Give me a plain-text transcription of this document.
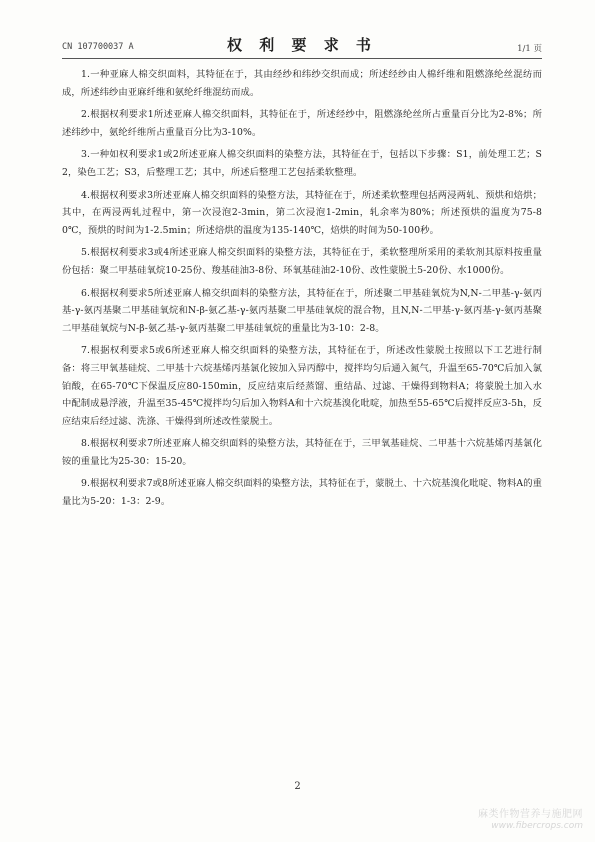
CN 107700037 A	权 利 要 求 书	1/1 页

1.一种亚麻人棉交织面料，其特征在于，其由经纱和纬纱交织而成；所述经纱由人棉纤维和阻燃涤纶丝混纺而成，所述纬纱由亚麻纤维和氨纶纤维混纺而成。

2.根据权利要求1所述亚麻人棉交织面料，其特征在于，所述经纱中，阻燃涤纶丝所占重量百分比为2-8%；所述纬纱中，氨纶纤维所占重量百分比为3-10%。

3.一种如权利要求1或2所述亚麻人棉交织面料的染整方法，其特征在于，包括以下步骤：S1，前处理工艺；S2，染色工艺；S3，后整理工艺；其中，所述后整理工艺包括柔软整理。

4.根据权利要求3所述亚麻人棉交织面料的染整方法，其特征在于，所述柔软整理包括两浸两轧、预烘和焙烘；其中，在两浸两轧过程中，第一次浸泡2-3min，第二次浸泡1-2min，轧余率为80%；所述预烘的温度为75-80℃，预烘的时间为1-2.5min；所述焙烘的温度为135-140℃，焙烘的时间为50-100秒。

5.根据权利要求3或4所述亚麻人棉交织面料的染整方法，其特征在于，柔软整理所采用的柔软剂其原料按重量份包括：聚二甲基硅氧烷10-25份、羧基硅油3-8份、环氧基硅油2-10份、改性蒙脱土5-20份、水1000份。

6.根据权利要求5所述亚麻人棉交织面料的染整方法，其特征在于，所述聚二甲基硅氧烷为N,N-二甲基-γ-氨丙基-γ-氨丙基聚二甲基硅氧烷和N-β-氨乙基-γ-氨丙基聚二甲基硅氧烷的混合物，且N,N-二甲基-γ-氨丙基-γ-氨丙基聚二甲基硅氧烷与N-β-氨乙基-γ-氨丙基聚二甲基硅氧烷的重量比为3-10：2-8。

7.根据权利要求5或6所述亚麻人棉交织面料的染整方法，其特征在于，所述改性蒙脱土按照以下工艺进行制备：将三甲氧基硅烷、二甲基十六烷基烯丙基氯化铵加入异丙醇中，搅拌均匀后通入氮气，升温至65-70℃后加入氯铂酸，在65-70℃下保温反应80-150min，反应结束后经蒸馏、重结晶、过滤、干燥得到物料A；将蒙脱土加入水中配制成悬浮液，升温至35-45℃搅拌均匀后加入物料A和十六烷基溴化吡啶，加热至55-65℃后搅拌反应3-5h，反应结束后经过滤、洗涤、干燥得到所述改性蒙脱土。

8.根据权利要求7所述亚麻人棉交织面料的染整方法，其特征在于，三甲氧基硅烷、二甲基十六烷基烯丙基氯化铵的重量比为25-30：15-20。

9.根据权利要求7或8所述亚麻人棉交织面料的染整方法，其特征在于，蒙脱土、十六烷基溴化吡啶、物料A的重量比为5-20：1-3：2-9。

2
麻类作物营养与施肥网
www.fibercrops.com
